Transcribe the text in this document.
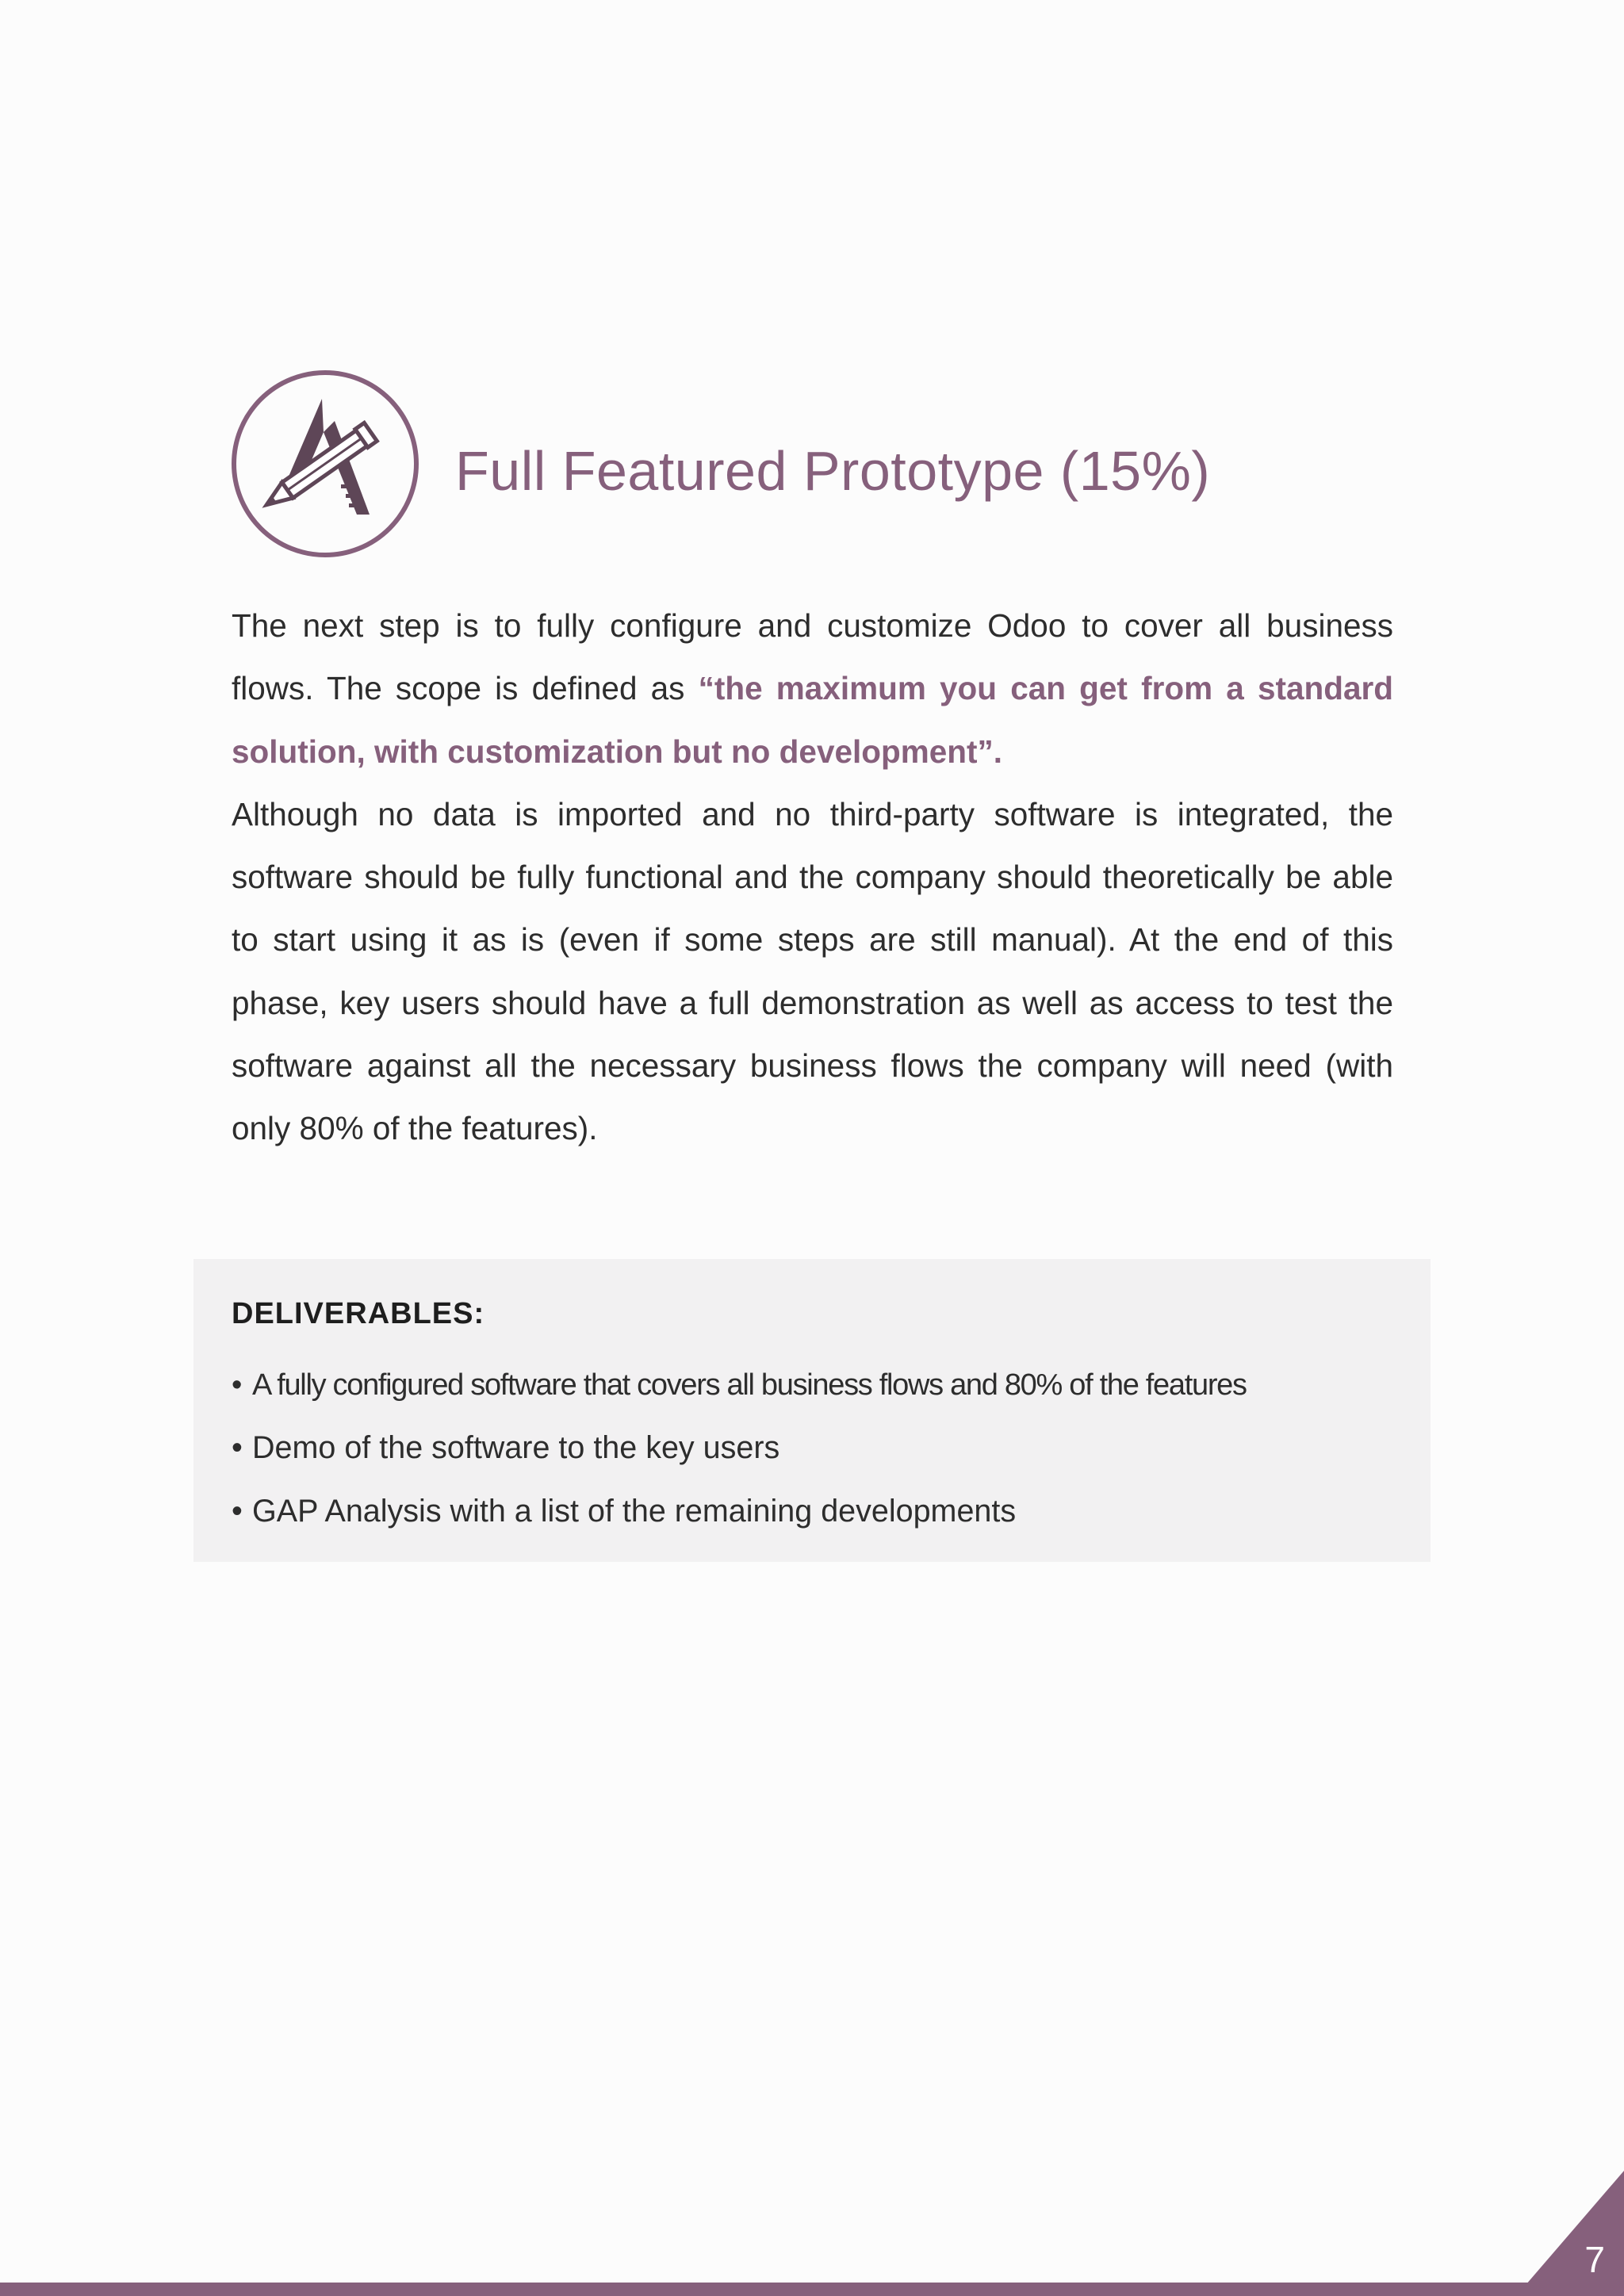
Full Featured Prototype (15%)

The next step is to fully configure and customize Odoo to cover all business flows. The scope is defined as “the maximum you can get from a standard solution, with customization but no development”.

Although no data is imported and no third-party software is integrated, the software should be fully functional and the company should theoretically be able to start using it as is (even if some steps are still manual). At the end of this phase, key users should have a full demonstration as well as access to test the software against all the necessary business flows the company will need (with only 80% of the features).

DELIVERABLES:
• A fully configured software that covers all business flows and 80% of the features
• Demo of the software to the key users
• GAP Analysis with a list of the remaining developments
7
